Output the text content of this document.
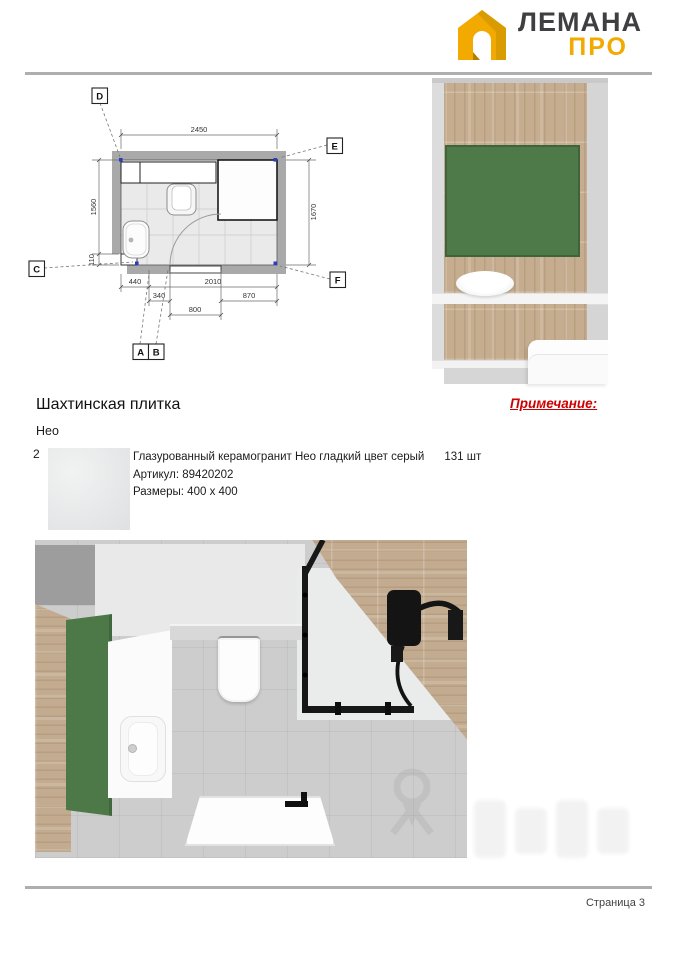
ЛЕМАНА
ПРО
2450
1560
110
1670
440	2010
340	870
800
D
E
C
F
A B
Шахтинская плитка	Примечание:
Нео
2	Глазурованный керамогранит Нео гладкий цвет серый 131 шт
Артикул: 89420202
Размеры: 400 x 400
Страница 3
